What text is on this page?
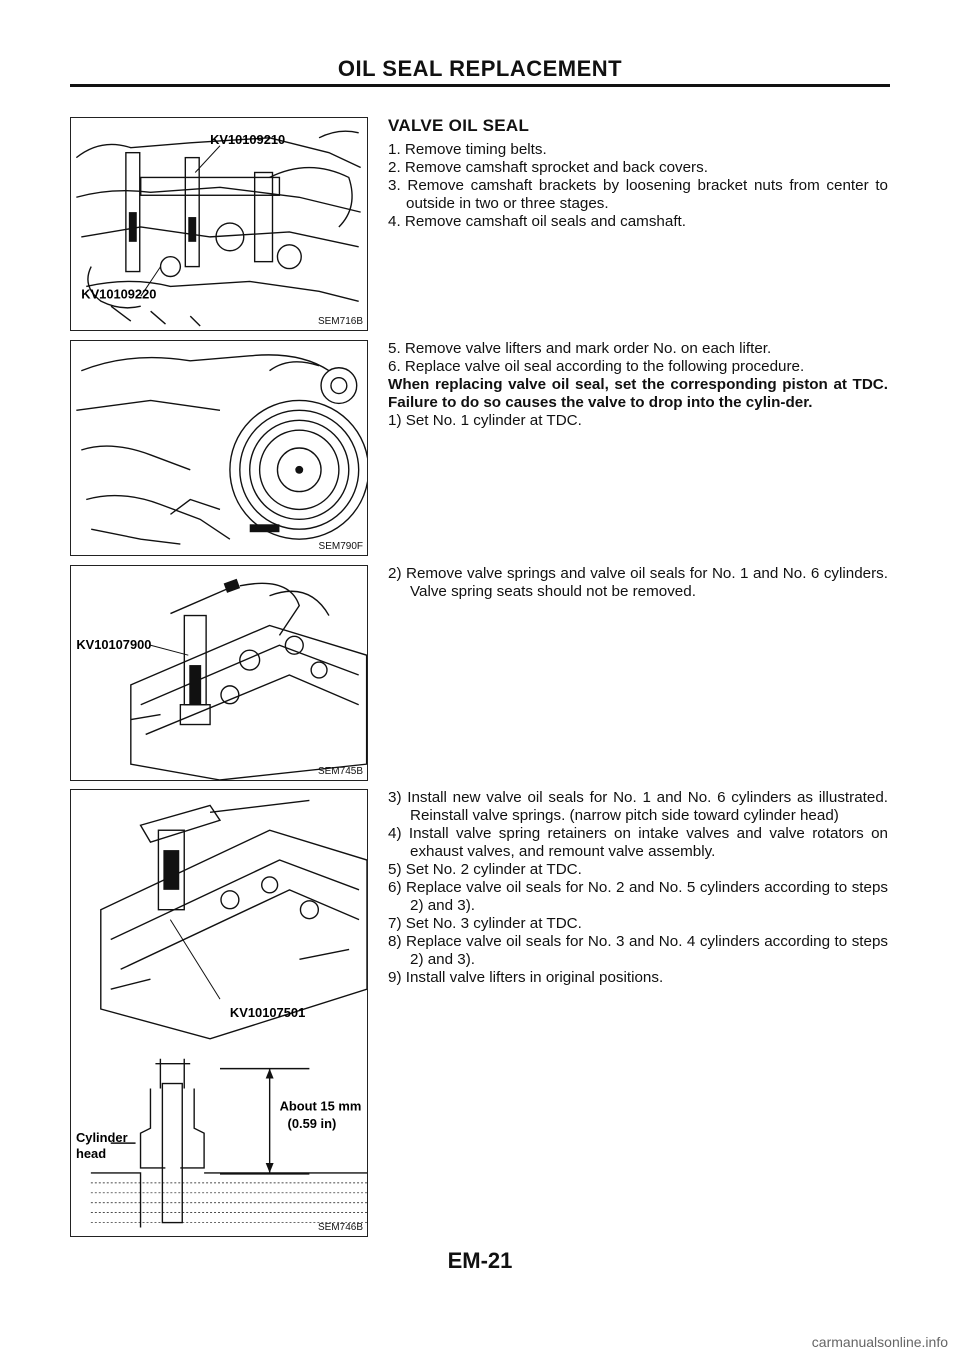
OIL SEAL REPLACEMENT
KV10109210
KV10109220
SEM716B
VALVE OIL SEAL

1. Remove timing belts.

2. Remove camshaft sprocket and back covers.

3. Remove camshaft brackets by loosening bracket nuts from center to outside in two or three stages.

4. Remove camshaft oil seals and camshaft.

SEM790F

5. Remove valve lifters and mark order No. on each lifter.

6. Replace valve oil seal according to the following procedure.

When replacing valve oil seal, set the corresponding piston at TDC. Failure to do so causes the valve to drop into the cylin-der.

1) Set No. 1 cylinder at TDC.

KV10107900
SEM745B

2) Remove valve springs and valve oil seals for No. 1 and No. 6 cylinders. Valve spring seats should not be removed.

KV10107501
About 15 mm
(0.59 in)
Cylinder
head
SEM746B

3) Install new valve oil seals for No. 1 and No. 6 cylinders as illustrated. Reinstall valve springs. (narrow pitch side toward cylinder head)

4) Install valve spring retainers on intake valves and valve rotators on exhaust valves, and remount valve assembly.

5) Set No. 2 cylinder at TDC.

6) Replace valve oil seals for No. 2 and No. 5 cylinders according to steps 2) and 3).

7) Set No. 3 cylinder at TDC.

8) Replace valve oil seals for No. 3 and No. 4 cylinders according to steps 2) and 3).

9) Install valve lifters in original positions.

EM-21
carmanualsonline.info
